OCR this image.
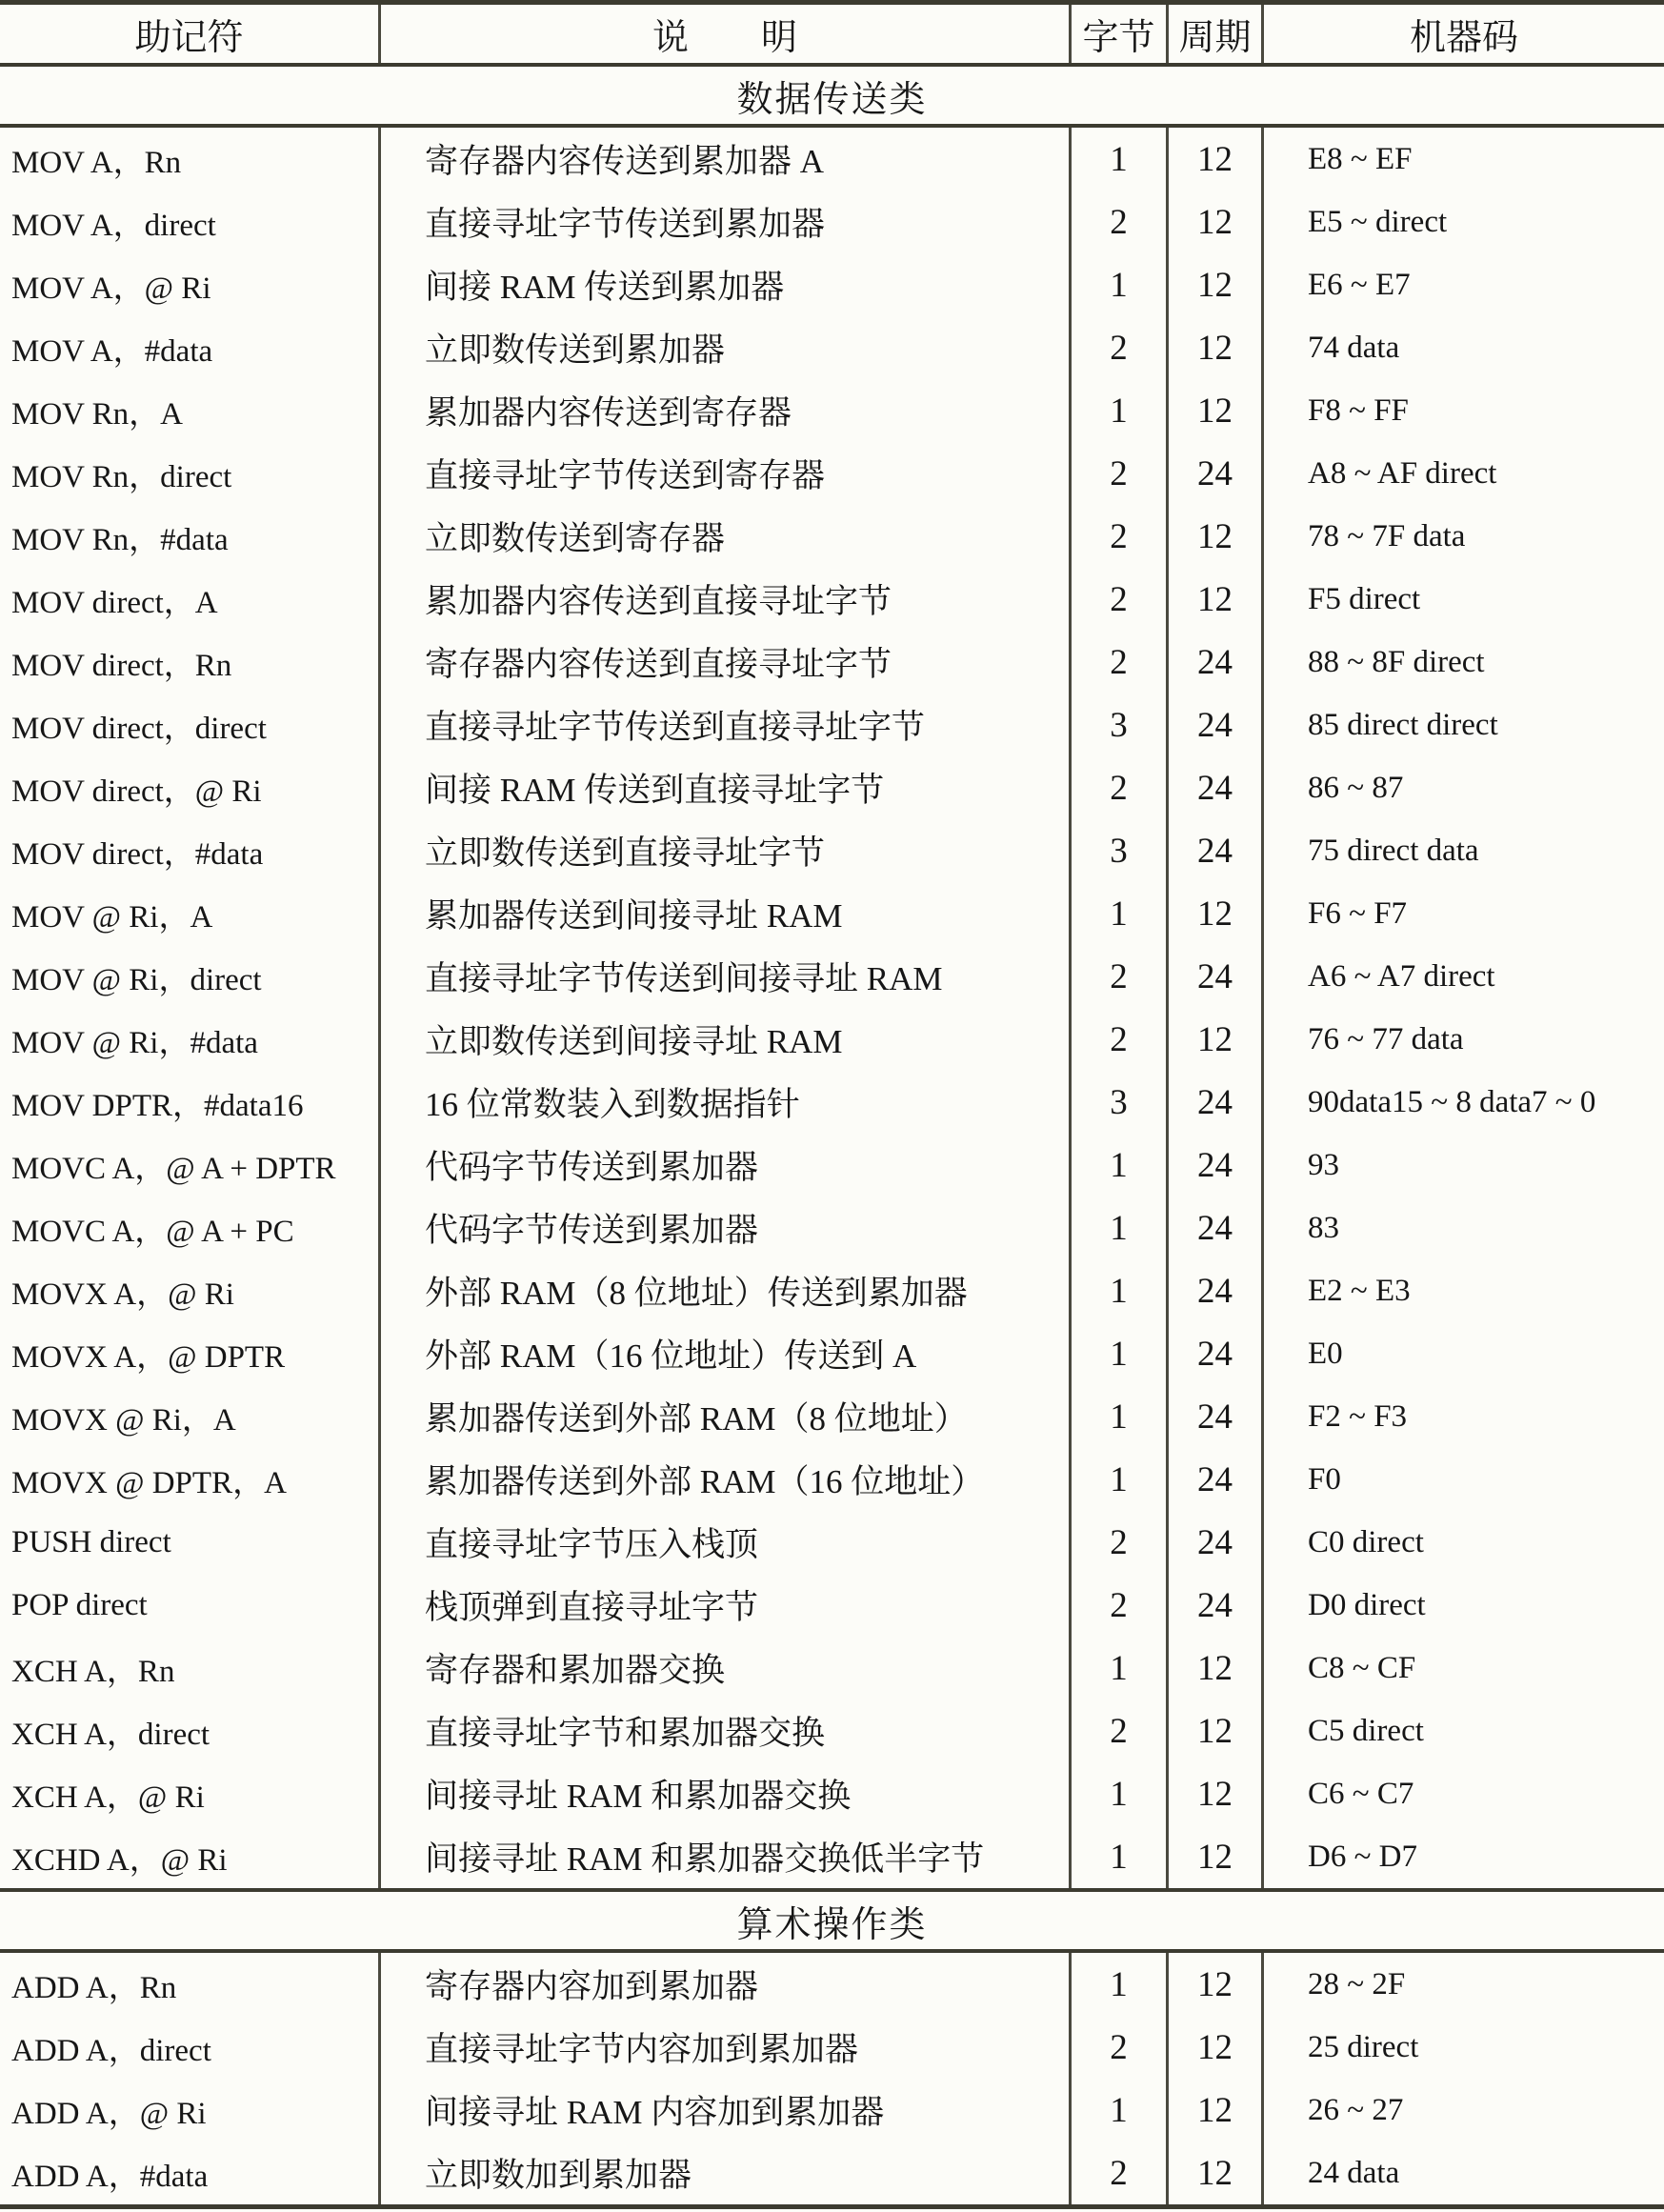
助记符	说　　明	字节 周期	机器码
数据传送类
MOV A，Rn	寄存器内容传送到累加器 A	1	12	E8 ~ EF
MOV A，direct	直接寻址字节传送到累加器	2	12	E5 ~ direct
MOV A，@ Ri	间接 RAM 传送到累加器	1	12	E6 ~ E7
MOV A，#data	立即数传送到累加器	2	12	74 data
MOV Rn，A	累加器内容传送到寄存器	1	12	F8 ~ FF
MOV Rn，direct	直接寻址字节传送到寄存器	2	24	A8 ~ AF direct
MOV Rn，#data	立即数传送到寄存器	2	12	78 ~ 7F data
MOV direct，A	累加器内容传送到直接寻址字节	2	12	F5 direct
MOV direct，Rn	寄存器内容传送到直接寻址字节	2	24	88 ~ 8F direct
MOV direct，direct	直接寻址字节传送到直接寻址字节	3	24	85 direct direct
MOV direct，@ Ri	间接 RAM 传送到直接寻址字节	2	24	86 ~ 87
MOV direct，#data	立即数传送到直接寻址字节	3	24	75 direct data
MOV @ Ri，A	累加器传送到间接寻址 RAM	1	12	F6 ~ F7
MOV @ Ri，direct	直接寻址字节传送到间接寻址 RAM	2	24	A6 ~ A7 direct
MOV @ Ri，#data	立即数传送到间接寻址 RAM	2	12	76 ~ 77 data
MOV DPTR，#data16	16 位常数装入到数据指针	3	24	90data15 ~ 8 data7 ~ 0
MOVC A，@ A + DPTR	代码字节传送到累加器	1	24	93
MOVC A，@ A + PC	代码字节传送到累加器	1	24	83
MOVX A，@ Ri	外部 RAM（8 位地址）传送到累加器	1	24	E2 ~ E3
MOVX A，@ DPTR	外部 RAM（16 位地址）传送到 A	1	24	E0
MOVX @ Ri，A	累加器传送到外部 RAM（8 位地址）	1	24	F2 ~ F3
MOVX @ DPTR，A	累加器传送到外部 RAM（16 位地址）	1	24	F0
PUSH direct	直接寻址字节压入栈顶	2	24	C0 direct
POP direct	栈顶弹到直接寻址字节	2	24	D0 direct
XCH A，Rn	寄存器和累加器交换	1	12	C8 ~ CF
XCH A，direct	直接寻址字节和累加器交换	2	12	C5 direct
XCH A，@ Ri	间接寻址 RAM 和累加器交换	1	12	C6 ~ C7
XCHD A，@ Ri	间接寻址 RAM 和累加器交换低半字节	1	12	D6 ~ D7
算术操作类
ADD A，Rn	寄存器内容加到累加器	1	12	28 ~ 2F
ADD A，direct	直接寻址字节内容加到累加器	2	12	25 direct
ADD A，@ Ri	间接寻址 RAM 内容加到累加器	1	12	26 ~ 27
ADD A，#data	立即数加到累加器	2	12	24 data
